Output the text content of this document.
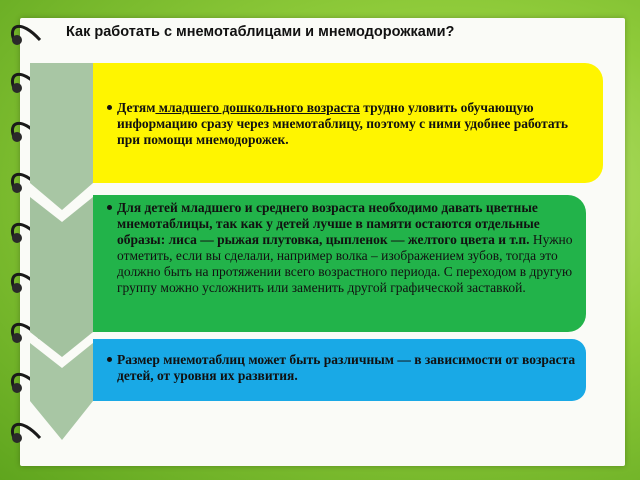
Как работать с мнемотаблицами и мнемодорожками?
Детям младшего дошкольного возраста трудно уловить обучающую информацию сразу через мнемотаблицу, поэтому с ними удобнее работать при помощи мнемодорожек.
Для детей младшего и среднего возраста необходимо давать цветные мнемотаблицы, так как у детей лучше в памяти остаются отдельные образы: лиса — рыжая плутовка, цыпленок — желтого цвета и т.п. Нужно отметить, если вы сделали, например волка – изображением зубов, тогда это должно быть на протяжении всего возрастного периода. С переходом в другую группу можно усложнить или заменить другой графической заставкой.
Размер мнемотаблиц может быть различным — в зависимости от возраста детей, от уровня их развития.
